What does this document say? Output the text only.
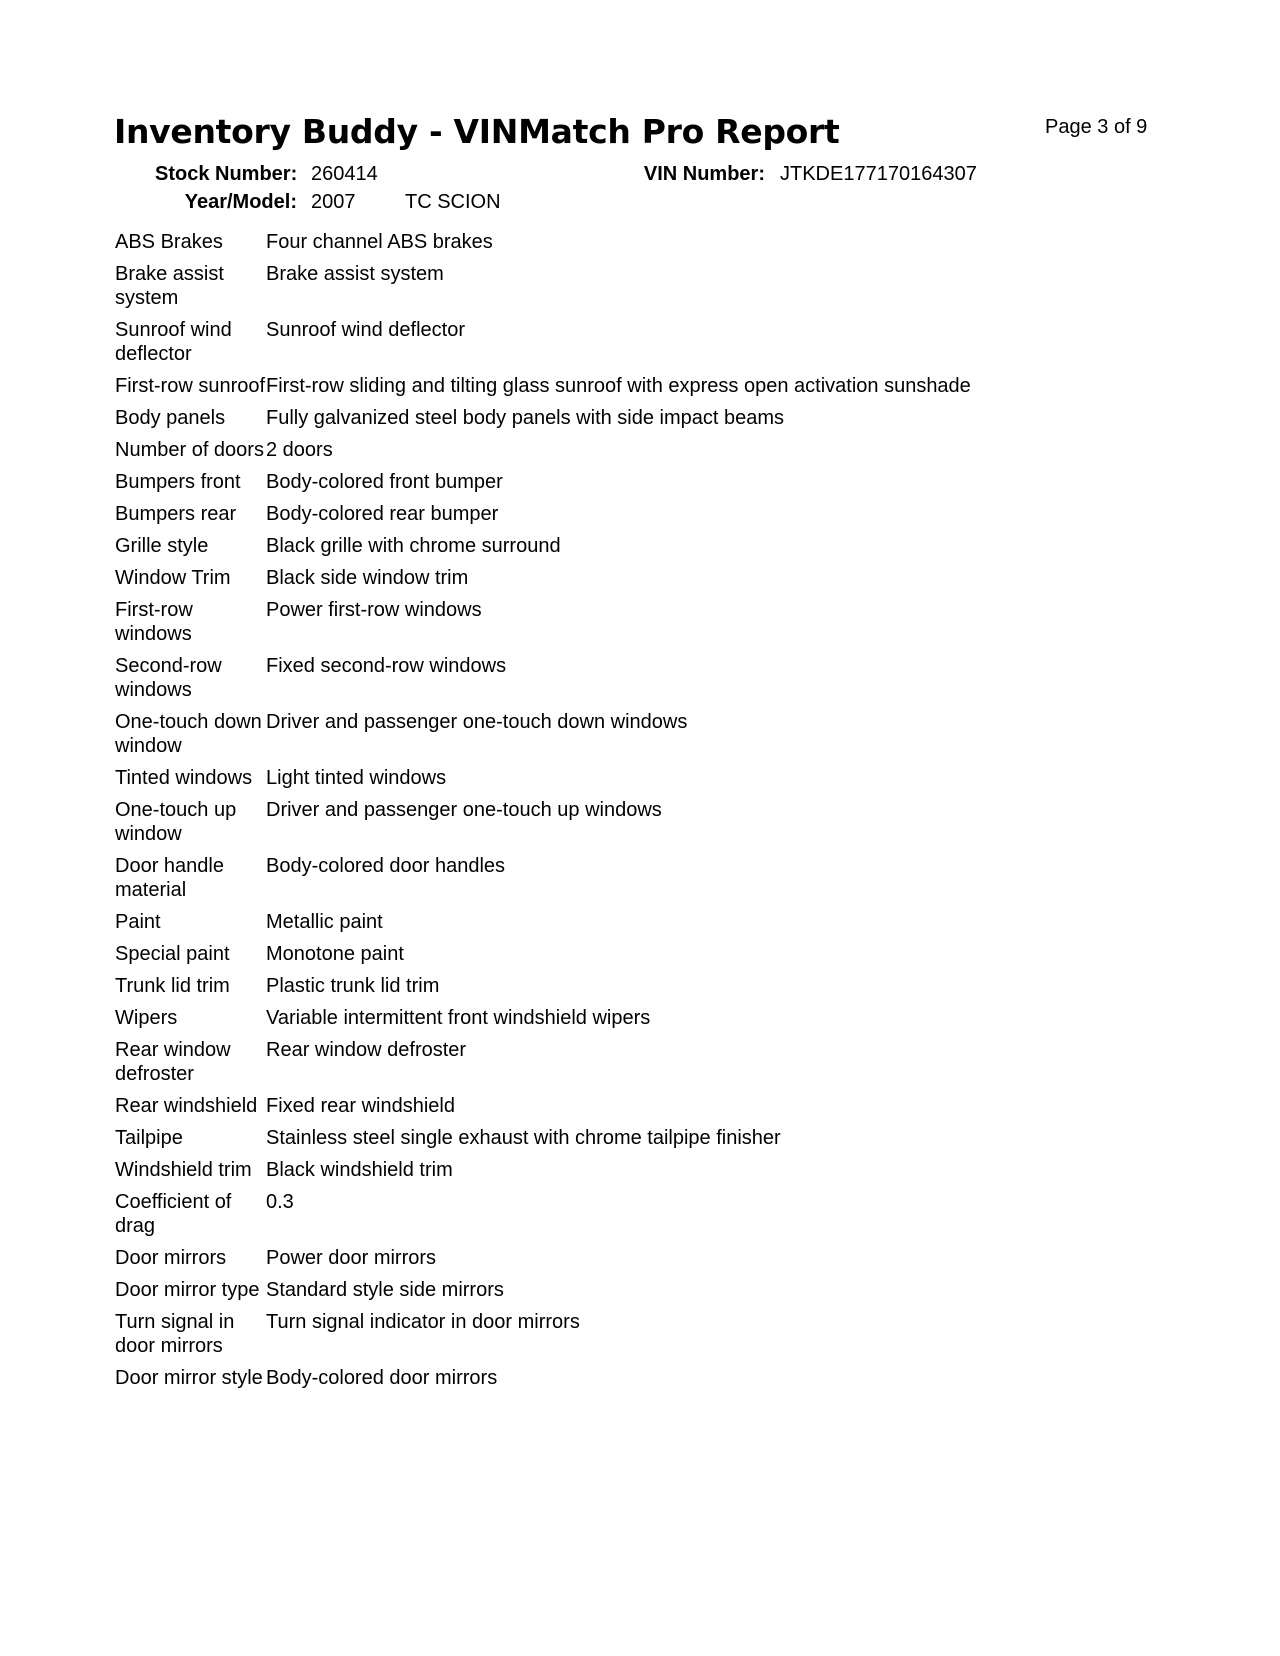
Inventory Buddy - VINMatch Pro Report	Page 3 of 9
Stock Number: 260414	VIN Number: JTKDE177170164307
Year/Model: 2007 TC SCION
ABS Brakes	Four channel ABS brakes
Brake assist system	Brake assist system
Sunroof wind deflector	Sunroof wind deflector
First-row sunroof	First-row sliding and tilting glass sunroof with express open activation sunshade
Body panels	Fully galvanized steel body panels with side impact beams
Number of doors	2 doors
Bumpers front	Body-colored front bumper
Bumpers rear	Body-colored rear bumper
Grille style	Black grille with chrome surround
Window Trim	Black side window trim
First-row windows	Power first-row windows
Second-row windows	Fixed second-row windows
One-touch down window	Driver and passenger one-touch down windows
Tinted windows	Light tinted windows
One-touch up window	Driver and passenger one-touch up windows
Door handle material	Body-colored door handles
Paint	Metallic paint
Special paint	Monotone paint
Trunk lid trim	Plastic trunk lid trim
Wipers	Variable intermittent front windshield wipers
Rear window defroster	Rear window defroster
Rear windshield	Fixed rear windshield
Tailpipe	Stainless steel single exhaust with chrome tailpipe finisher
Windshield trim	Black windshield trim
Coefficient of drag	0.3
Door mirrors	Power door mirrors
Door mirror type	Standard style side mirrors
Turn signal in door mirrors	Turn signal indicator in door mirrors
Door mirror style	Body-colored door mirrors
